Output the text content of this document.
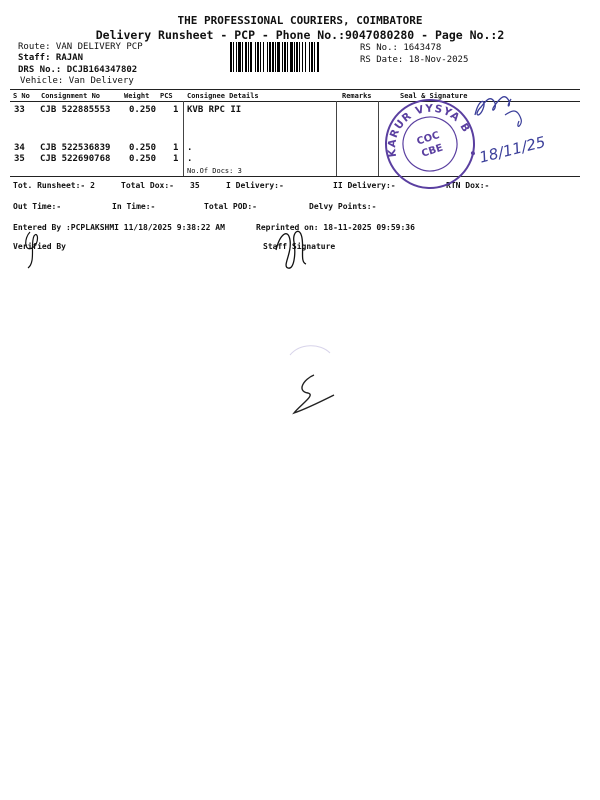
THE PROFESSIONAL COURIERS, COIMBATORE
Delivery Runsheet - PCP - Phone No.:9047080280 - Page No.:2
Route: VAN DELIVERY PCP
Staff: RAJAN
DRS No.: DCJB164347802
Vehicle: Van Delivery
RS No.: 1643478
RS Date: 18-Nov-2025
S No Consignment No	Weight PCS Consignee Details	Remarks	Seal & Signature
33 CJB 522885553 0.250 1 KVB RPC II
34 CJB 522536839 0.250 1 .
35 CJB 522690768 0.250 1 .
No.Of Docs: 3
Tot. Runsheet:- 2	Total Dox:- 35	I Delivery:-	II Delivery:-	RTN Dox:-
Out Time:-	In Time:-	Total POD:-	Delvy Points:-
Entered By :PCPLAKSHMI 11/18/2025 9:38:22 AM	Reprinted on: 18-11-2025 09:59:36
Verified By	Staff Signature
KARUR VYSYA BANK
COC
CBE 18/11/25
